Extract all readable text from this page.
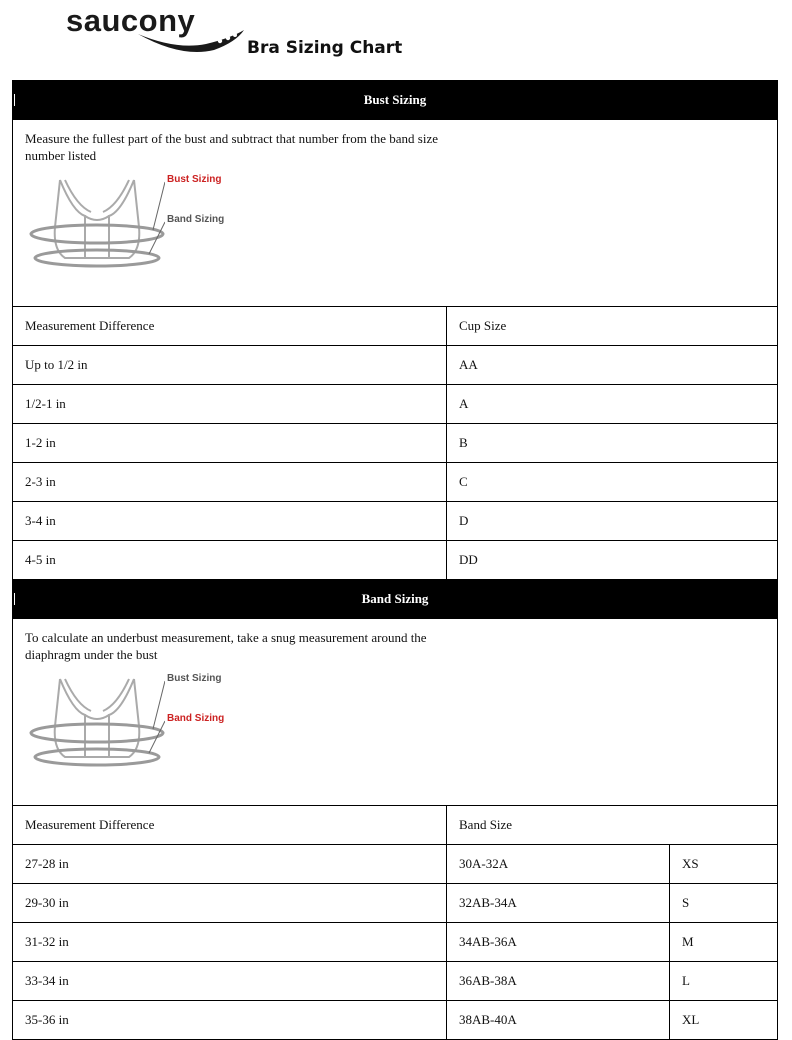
saucony
Bra Sizing Chart
Bust Sizing		

Measure the fullest part of the bust and subtract that number from the band size number listed
Bust Sizing
Band Sizing		

Measurement Difference	Cup Size	
Up to 1/2 in	AA	
1/2-1 in	A	
1-2 in	B	
2-3 in	C	
3-4 in	D	
4-5 in	DD	

Band Sizing		

To calculate an underbust measurement, take a snug measurement around the diaphragm under the bust
Bust Sizing
Band Sizing		

Measurement Difference	Band Size	
27-28 in	30A-32A	XS
29-30 in	32AB-34A	S
31-32 in	34AB-36A	M
33-34 in	36AB-38A	L
35-36 in	38AB-40A	XL
